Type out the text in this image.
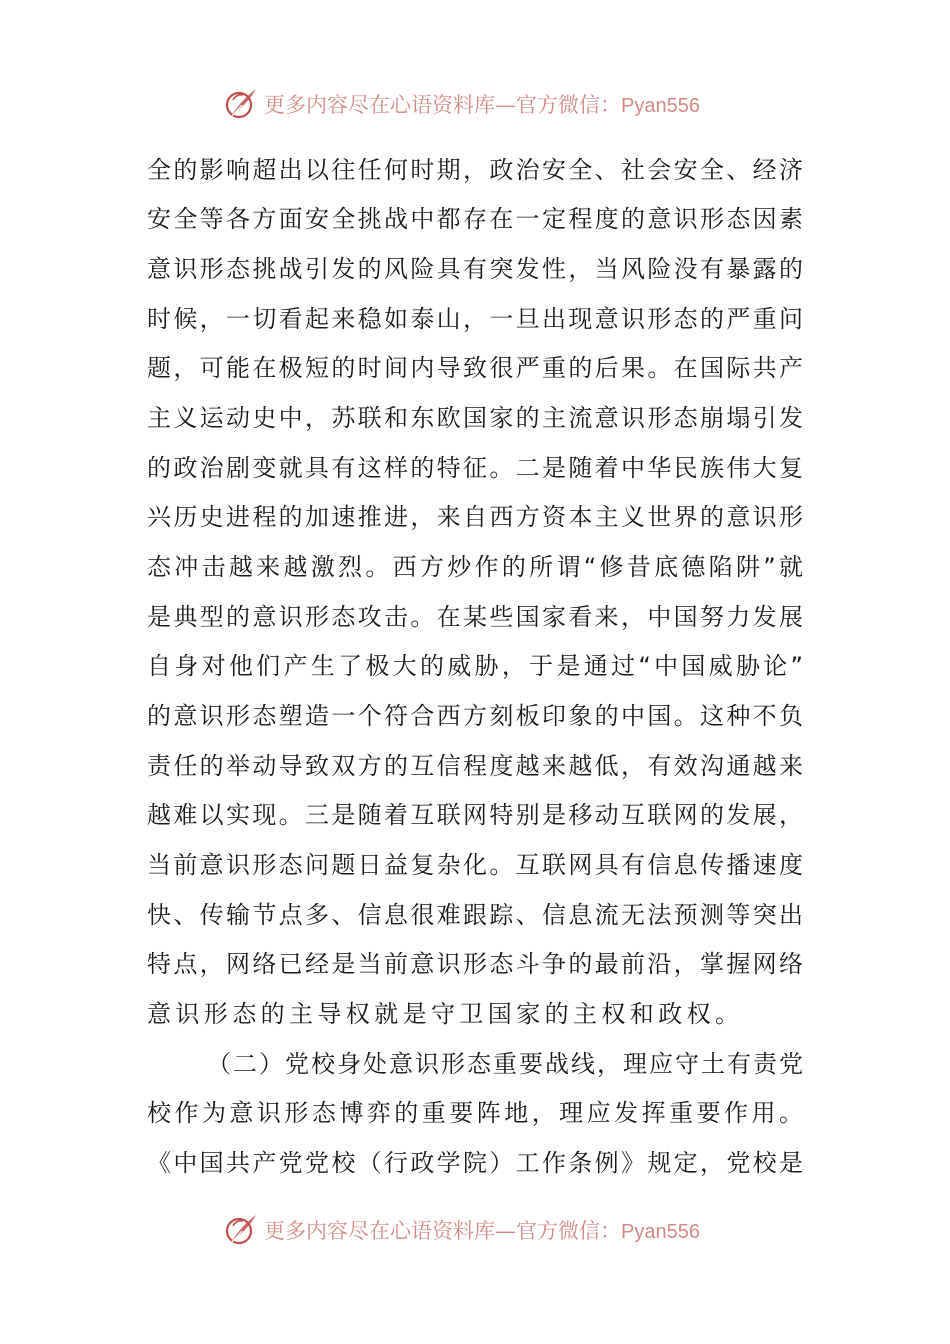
更多内容尽在心语资料库—官方微信：Pyan556
全的影响超出以往任何时期，政治安全、社会安全、经济
安全等各方面安全挑战中都存在一定程度的意识形态因素
意识形态挑战引发的风险具有突发性，当风险没有暴露的
时候，一切看起来稳如泰山，一旦出现意识形态的严重问
题，可能在极短的时间内导致很严重的后果。在国际共产
主义运动史中，苏联和东欧国家的主流意识形态崩塌引发
的政治剧变就具有这样的特征。二是随着中华民族伟大复
兴历史进程的加速推进，来自西方资本主义世界的意识形
态冲击越来越激烈。西方炒作的所谓“修昔底德陷阱”就
是典型的意识形态攻击。在某些国家看来，中国努力发展
自身对他们产生了极大的威胁，于是通过“中国威胁论”
的意识形态塑造一个符合西方刻板印象的中国。这种不负
责任的举动导致双方的互信程度越来越低，有效沟通越来
越难以实现。三是随着互联网特别是移动互联网的发展，
当前意识形态问题日益复杂化。互联网具有信息传播速度
快、传输节点多、信息很难跟踪、信息流无法预测等突出
特点，网络已经是当前意识形态斗争的最前沿，掌握网络
意识形态的主导权就是守卫国家的主权和政权。
（二）党校身处意识形态重要战线，理应守土有责党
校作为意识形态博弈的重要阵地，理应发挥重要作用。
《中国共产党党校（行政学院）工作条例》规定，党校是
更多内容尽在心语资料库—官方微信：Pyan556
